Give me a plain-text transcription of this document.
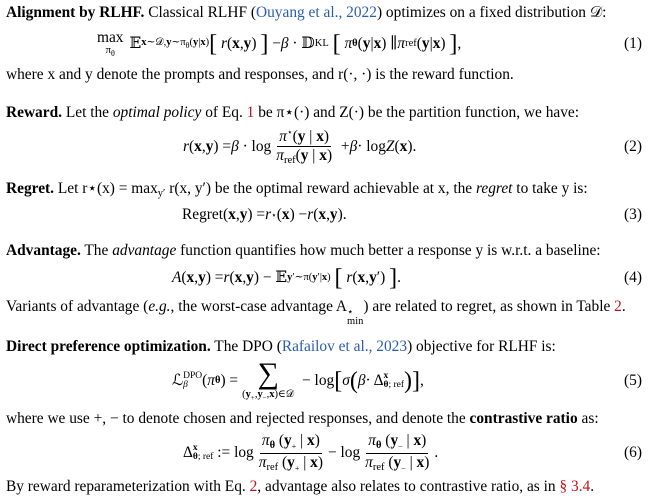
Alignment by RLHF. Classical RLHF (Ouyang et al., 2022) optimizes on a fixed distribution 𝒟:
max
$\pi_\theta$
𝔼 $x\sim 𝒟,y\sim\pi_\theta(y|x)$ [
r ( x , y ) ] − β · 𝔻 KL
[
π θ ( y | x ) ∥ π ref ( y | x ) ] ,	(1)
where x and y denote the prompts and responses, and r(·, ·) is the reward function.
Reward. Let the optimal policy of Eq. 1 be π⋆(·) and Z(·) be the partition function, we have:
r ( x , y ) = $\beta \cdot \log \frac{\pi^⋆(y | x)}{\pi_{ref}(y | x)} + \beta \cdot \log Z$ ( x ).	(2)
Regret. Let r⋆(x) = $\max_{y'} r(x$, y′) be the optimal reward achievable at x, the regret to take y is:
Regret( x , y ) = r ⋆ ( x ) − r ( x , y ).	(3)
Advantage. The advantage function quantifies how much better a response y is w.r.t. a baseline:
A ( x , y ) = r ( x , y ) − 𝔼 y′∼π(y′|x)
[
r ( x , y ′) ] .	(4)
Variants of advantage (e.g., the worst-case advantage A ⋆
min
) are related to regret, as shown in Table 2.
Direct preference optimization. The DPO (Rafailov et al., 2023) objective for RLHF is:
ℒ DPO
β ( π θ ) = ∑
$(y_+,y_-,x)\in 𝒟$
− log [ σ ( β · Δ x
θ; ref ) ] ,	(5)
where we use +, − to denote chosen and rejected responses, and denote the contrastive ratio as:
Δ x
θ; ref := $\log \frac{\pi_\theta (y_+ | x)}{\pi_{ref} (y_+ | x)} - \log \frac{\pi_\theta (y_- | x)}{\pi_{ref} (y_- | x)}$ .	(6)
By reward reparameterization with Eq. 2, advantage also relates to contrastive ratio, as in § 3.4.
